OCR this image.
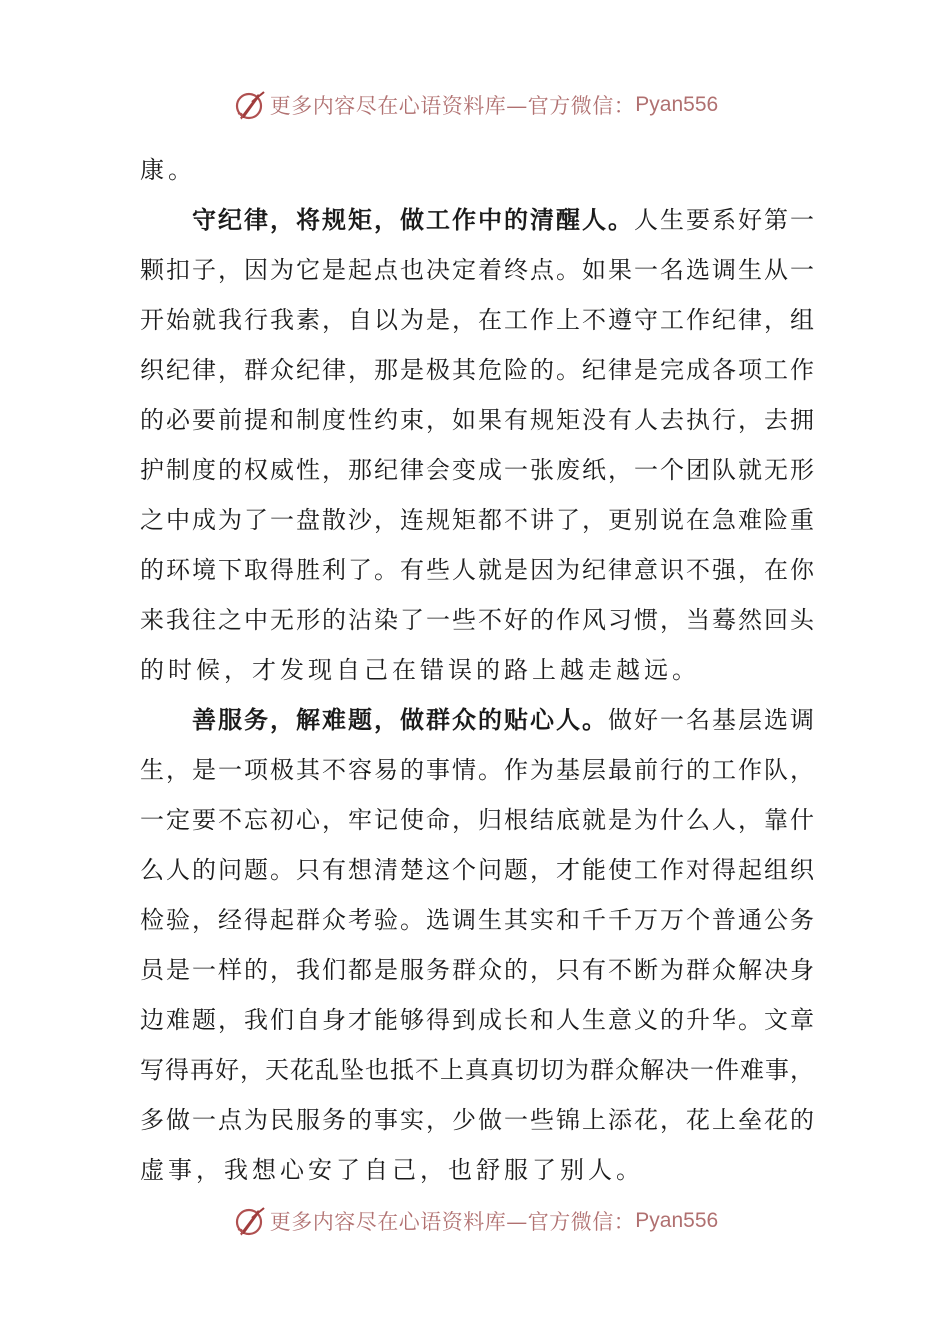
更多内容尽在心语资料库—官方微信： Pyan556
康。
守纪律，将规矩，做工作中的清醒人。人生要系好第一
颗扣子，因为它是起点也决定着终点。如果一名选调生从一
开始就我行我素，自以为是，在工作上不遵守工作纪律，组
织纪律，群众纪律，那是极其危险的。纪律是完成各项工作
的必要前提和制度性约束，如果有规矩没有人去执行，去拥
护制度的权威性，那纪律会变成一张废纸，一个团队就无形
之中成为了一盘散沙，连规矩都不讲了，更别说在急难险重
的环境下取得胜利了。有些人就是因为纪律意识不强，在你
来我往之中无形的沾染了一些不好的作风习惯，当蓦然回头
的时候，才发现自己在错误的路上越走越远。
善服务，解难题，做群众的贴心人。做好一名基层选调
生，是一项极其不容易的事情。作为基层最前行的工作队，
一定要不忘初心，牢记使命，归根结底就是为什么人，靠什
么人的问题。只有想清楚这个问题，才能使工作对得起组织
检验，经得起群众考验。选调生其实和千千万万个普通公务
员是一样的，我们都是服务群众的，只有不断为群众解决身
边难题，我们自身才能够得到成长和人生意义的升华。文章
写得再好，天花乱坠也抵不上真真切切为群众解决一件难事，
多做一点为民服务的事实，少做一些锦上添花，花上垒花的
虚事，我想心安了自己，也舒服了别人。
更多内容尽在心语资料库—官方微信： Pyan556
